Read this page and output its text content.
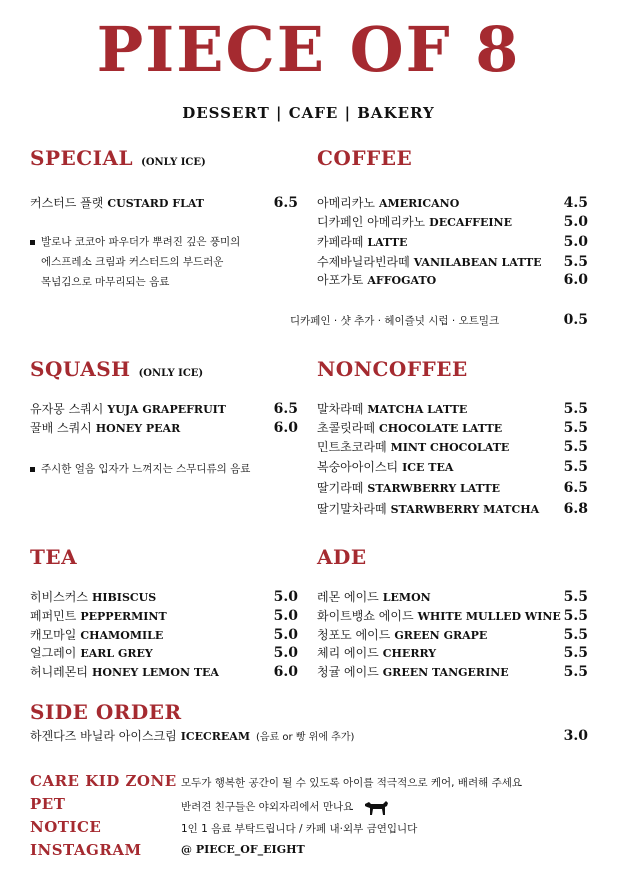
PIECE OF 8
DESSERT | CAFE | BAKERY
SPECIAL (ONLY ICE)
커스터드 플랫 CUSTARD FLAT	6.5
발로나 코코아 파우더가 뿌려진 깊은 풍미의
에스프레소 크림과 커스터드의 부드러운
목넘김으로 마무리되는 음료
COFFEE
아메리카노 AMERICANO	4.5
디카페인 아메리카노 DECAFFEINE	5.0
카페라떼 LATTE	5.0
수제바닐라빈라떼 VANILABEAN LATTE 5.5
아포가토 AFFOGATO	6.0
디카페인 · 샷 추가 · 헤이즐넛 시럽 · 오트밀크	0.5
SQUASH (ONLY ICE)
유자몽 스쿼시 YUJA GRAPEFRUIT	6.5
꿀배 스쿼시 HONEY PEAR	6.0
주시한 얼음 입자가 느껴지는 스무디류의 음료
NONCOFFEE
말차라떼 MATCHA LATTE	5.5
초콜릿라떼 CHOCOLATE LATTE	5.5
민트초코라떼 MINT CHOCOLATE	5.5
복숭아아이스티 ICE TEA	5.5
딸기라떼 STARWBERRY LATTE	6.5
딸기말차라떼 STARWBERRY MATCHA 6.8
TEA
히비스커스 HIBISCUS	5.0
페퍼민트 PEPPERMINT	5.0
캐모마일 CHAMOMILE	5.0
얼그레이 EARL GREY	5.0
허니레몬티 HONEY LEMON TEA	6.0
ADE
레몬 에이드 LEMON	5.5
화이트뱅쇼 에이드 WHITE MULLED WINE 5.5
청포도 에이드 GREEN GRAPE	5.5
체리 에이드 CHERRY	5.5
청귤 에이드 GREEN TANGERINE	5.5
SIDE ORDER
하겐다즈 바닐라 아이스크림 ICECREAM (음료 or 빵 위에 추가)	3.0
CARE KID ZONE 모두가 행복한 공간이 될 수 있도록 아이를 적극적으로 케어, 배려해 주세요
PET	반려견 친구들은 야외자리에서 만나요
NOTICE	1인 1 음료 부탁드립니다 / 카페 내·외부 금연입니다
INSTAGRAM	@ PIECE_OF_EIGHT
